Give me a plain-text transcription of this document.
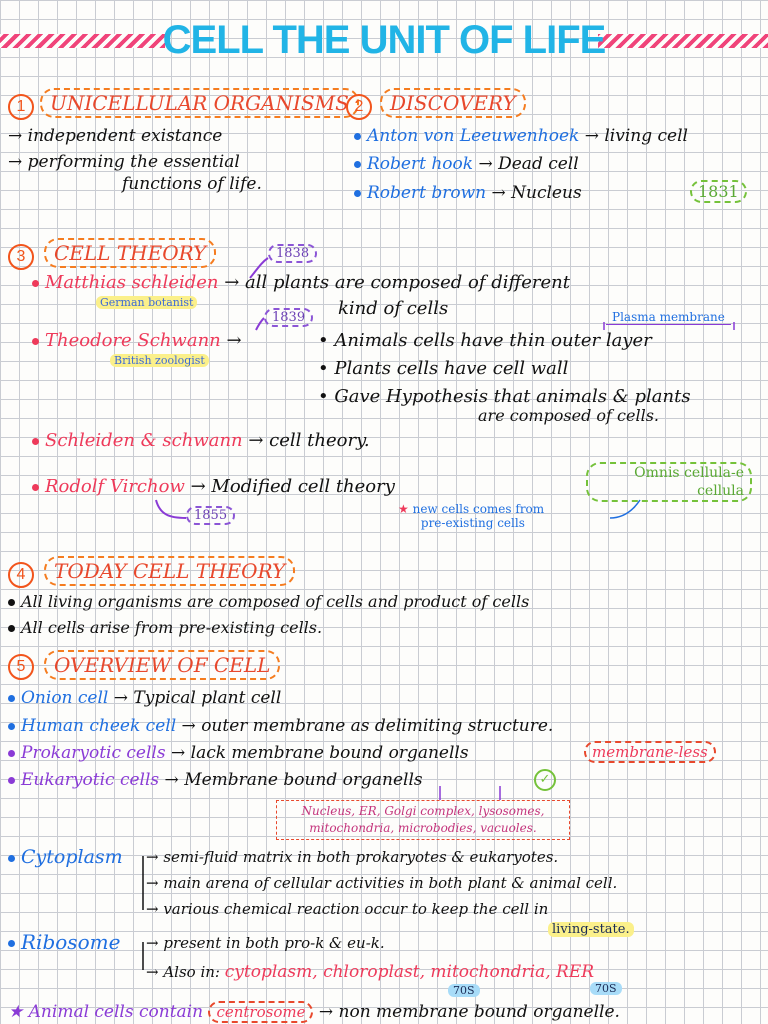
CELL THE UNIT OF LIFE
1	UNICELLULAR ORGANISMS
→ independent existance
→ performing the essential
functions of life.
2	DISCOVERY
Anton von Leeuwenhoek → living cell
Robert hook → Dead cell
Robert brown → Nucleus	1831
3	CELL THEORY	1838
Matthias schleiden → all plants are composed of different
German botanist	kind of cells
1839	Plasma membrane
Theodore Schwann →	• Animals cells have thin outer layer
British zoologist	• Plants cells have cell wall
• Gave Hypothesis that animals & plants
are composed of cells.
Schleiden & schwann → cell theory.
Omnis cellula-e
cellula
Rodolf Virchow → Modified cell theory
1855	★ new cells comes from
pre-existing cells
4	TODAY CELL THEORY
All living organisms are composed of cells and product of cells
All cells arise from pre-existing cells.
5	OVERVIEW OF CELL
Onion cell → Typical plant cell
Human cheek cell → outer membrane as delimiting structure.
Prokaryotic cells → lack membrane bound organells	membrane-less
Eukaryotic cells → Membrane bound organells	✓
Nucleus, ER, Golgi complex, lysosomes, mitochondria, microbodies, vacuoles.
Cytoplasm → semi-fluid matrix in both prokaryotes & eukaryotes.
→ main arena of cellular activities in both plant & animal cell.
→ various chemical reaction occur to keep the cell in
living-state.
Ribosome → present in both pro-k & eu-k.
→ Also in: cytoplasm, chloroplast, mitochondria, RER
70S	70S
★ Animal cells contain centrosome → non membrane bound organelle.
